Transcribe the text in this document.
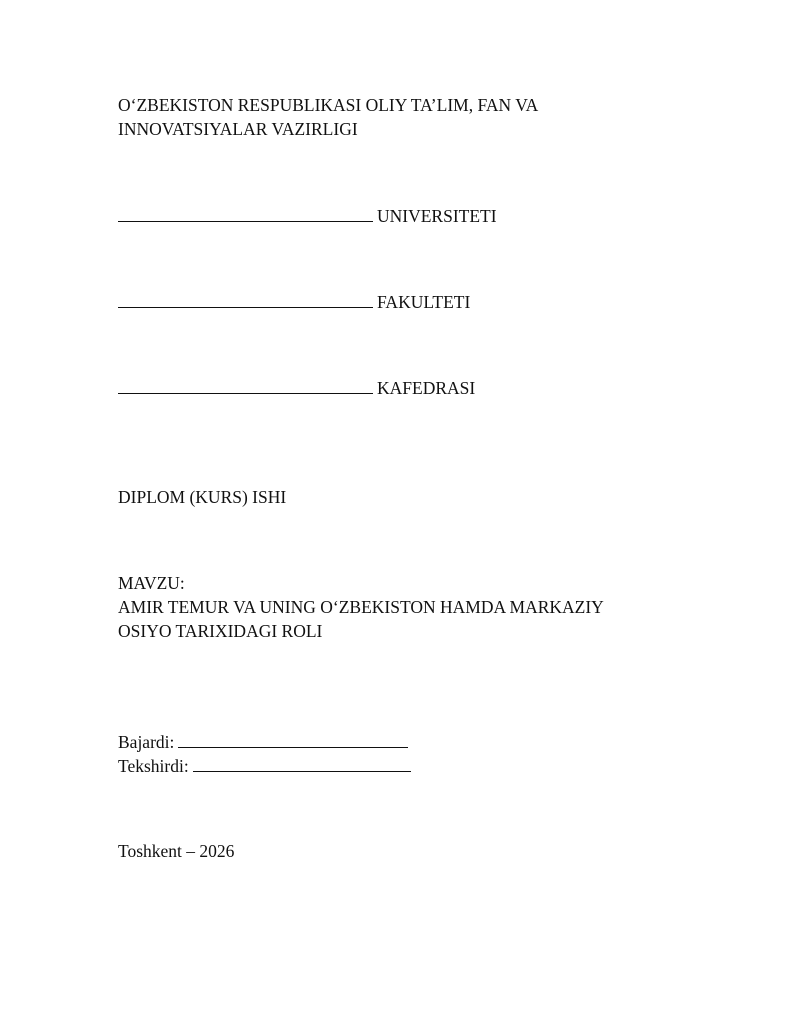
O‘ZBEKISTON RESPUBLIKASI OLIY TA’LIM, FAN VA
INNOVATSIYALAR VAZIRLIGI
UNIVERSITETI
FAKULTETI
KAFEDRASI
DIPLOM (KURS) ISHI
MAVZU:
AMIR TEMUR VA UNING O‘ZBEKISTON HAMDA MARKAZIY
OSIYO TARIXIDAGI ROLI
Bajardi:
Tekshirdi:
Toshkent – 2026
